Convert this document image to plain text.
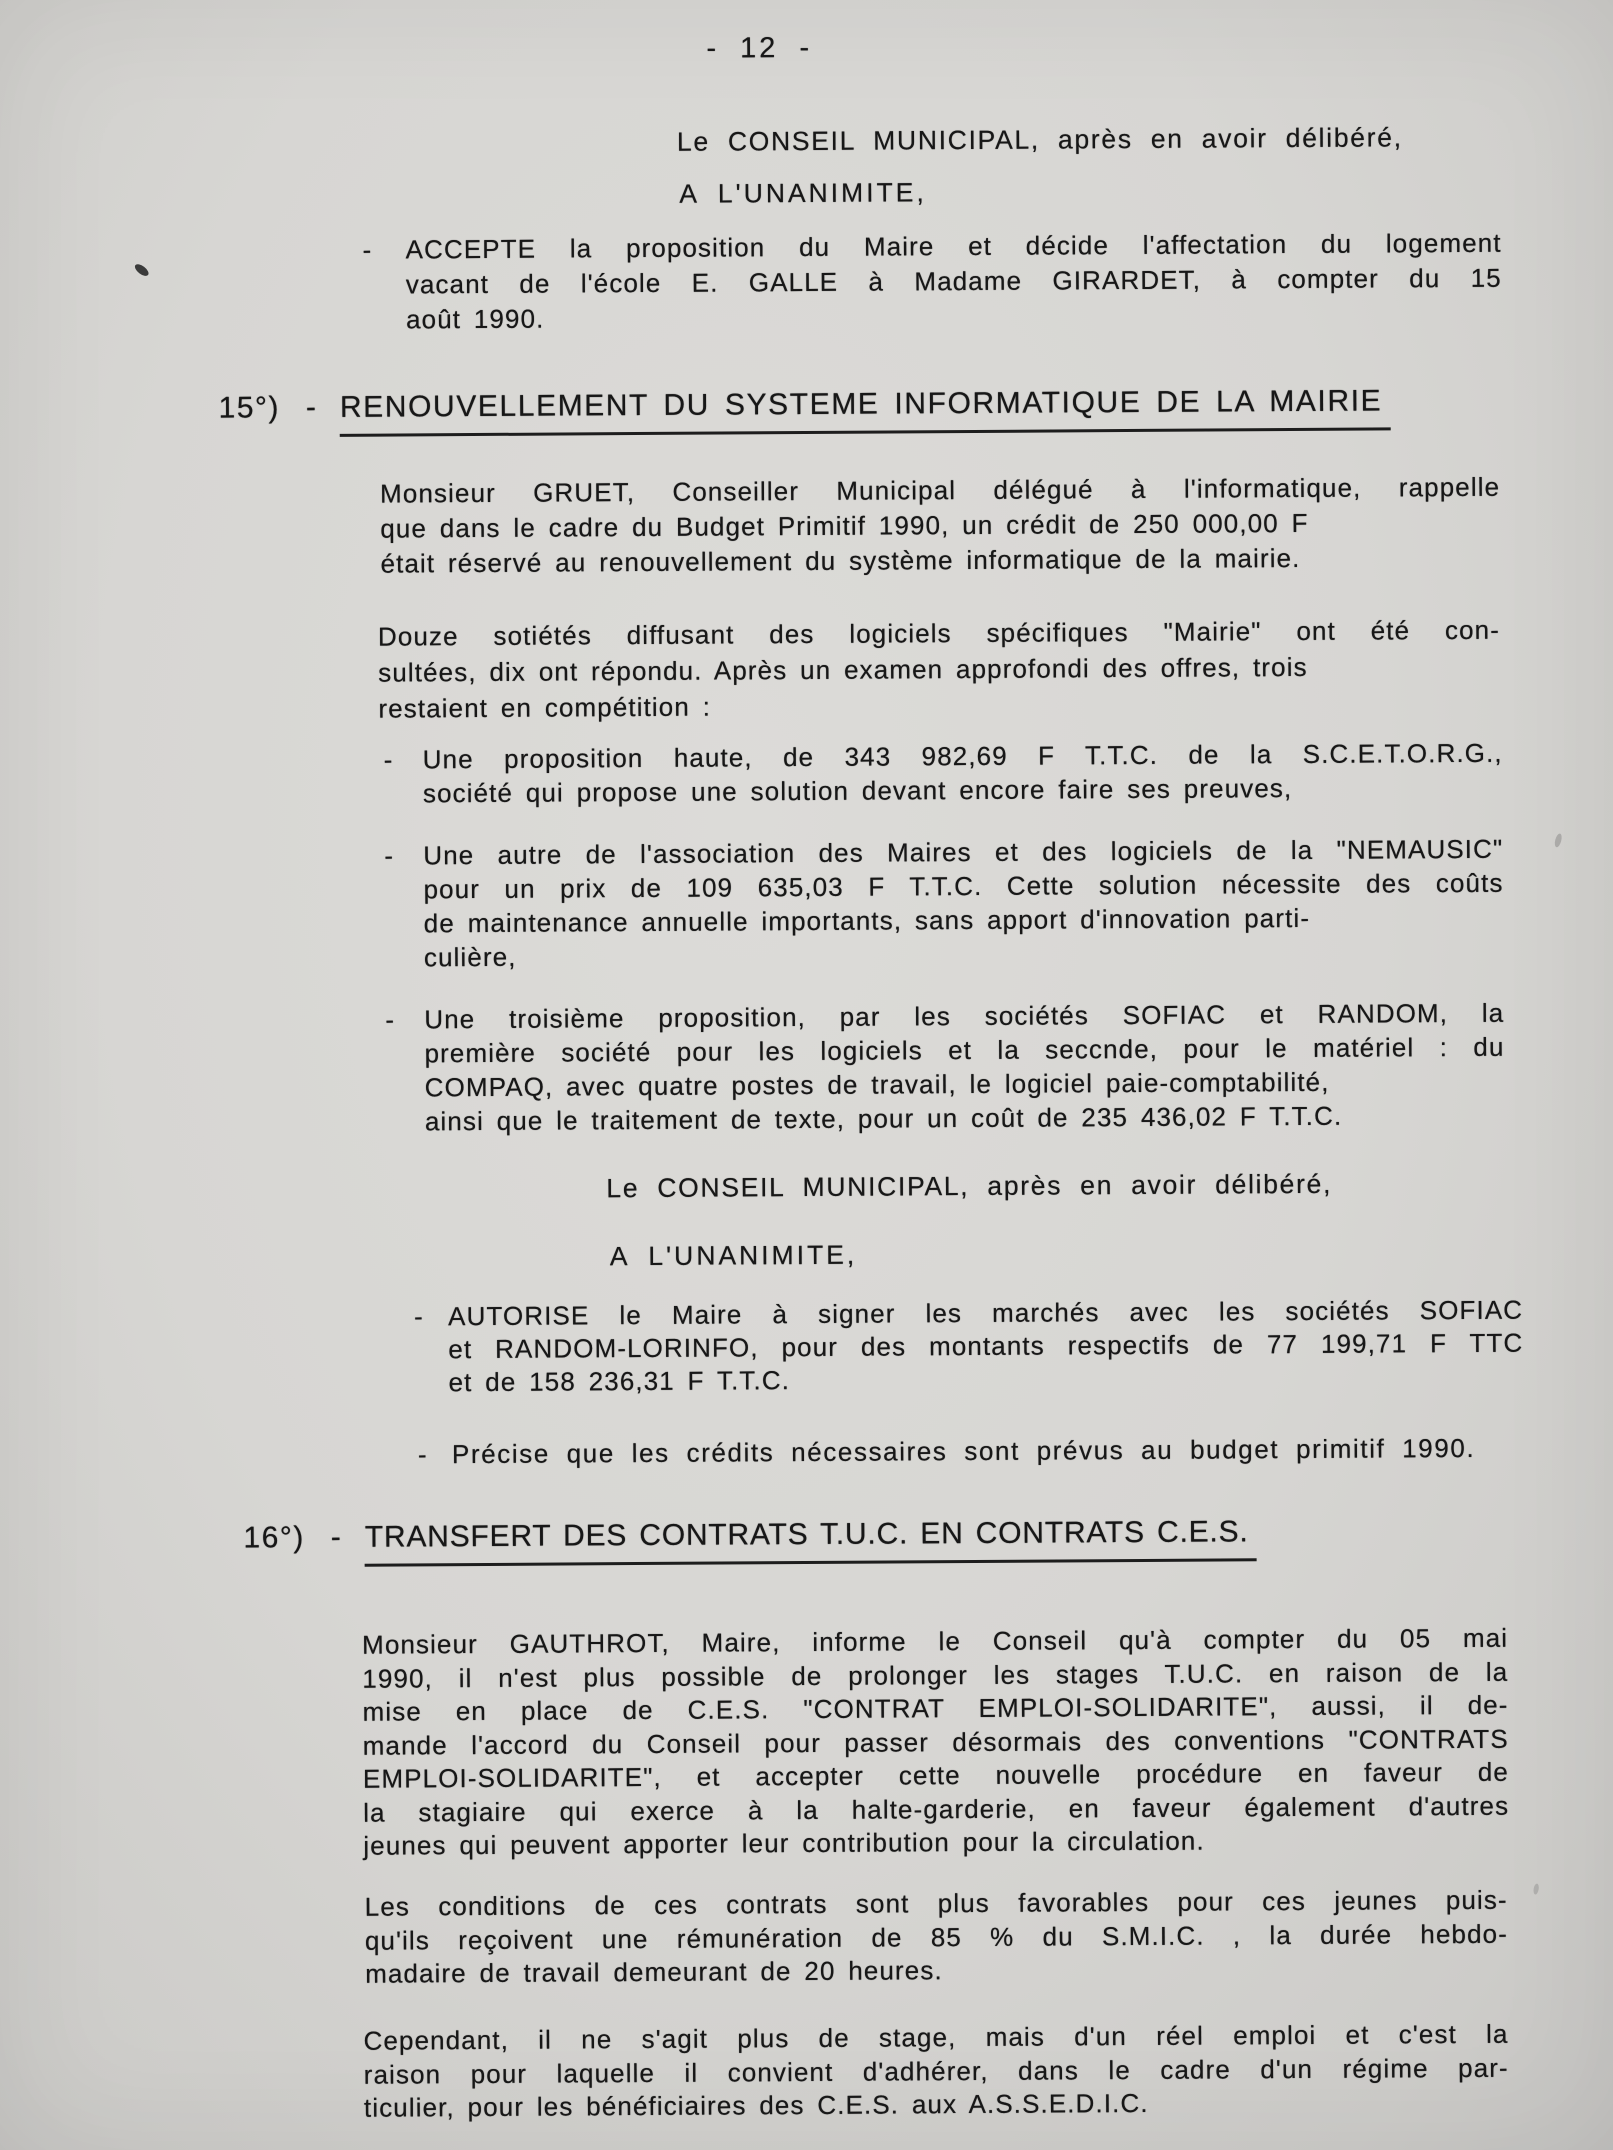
- 12 -
Le CONSEIL MUNICIPAL, après en avoir délibéré,
A L'UNANIMITE,
- ACCEPTE la proposition du Maire et décide l'affectation du logement
vacant de l'école E. GALLE à Madame GIRARDET, à compter du 15
août 1990.
15°) - RENOUVELLEMENT DU SYSTEME INFORMATIQUE DE LA MAIRIE
Monsieur GRUET, Conseiller Municipal délégué à l'informatique, rappelle
que dans le cadre du Budget Primitif 1990, un crédit de 250 000,00 F
était réservé au renouvellement du système informatique de la mairie.
Douze sotiétés diffusant des logiciels spécifiques "Mairie" ont été con-
sultées, dix ont répondu. Après un examen approfondi des offres, trois
restaient en compétition :
- Une proposition haute, de 343 982,69 F T.T.C. de la S.C.E.T.O.R.G.,
société qui propose une solution devant encore faire ses preuves,
- Une autre de l'association des Maires et des logiciels de la "NEMAUSIC"
pour un prix de 109 635,03 F T.T.C. Cette solution nécessite des coûts
de maintenance annuelle importants, sans apport d'innovation parti-
culière,
- Une troisième proposition, par les sociétés SOFIAC et RANDOM, la
première société pour les logiciels et la seccnde, pour le matériel : du
COMPAQ, avec quatre postes de travail, le logiciel paie-comptabilité,
ainsi que le traitement de texte, pour un coût de 235 436,02 F T.T.C.
Le CONSEIL MUNICIPAL, après en avoir délibéré,
A L'UNANIMITE,
- AUTORISE le Maire à signer les marchés avec les sociétés SOFIAC
et RANDOM-LORINFO, pour des montants respectifs de 77 199,71 F TTC
et de 158 236,31 F T.T.C.
- Précise que les crédits nécessaires sont prévus au budget primitif 1990.
16°) - TRANSFERT DES CONTRATS T.U.C. EN CONTRATS C.E.S.
Monsieur GAUTHROT, Maire, informe le Conseil qu'à compter du 05 mai
1990, il n'est plus possible de prolonger les stages T.U.C. en raison de la
mise en place de C.E.S. "CONTRAT EMPLOI-SOLIDARITE", aussi, il de-
mande l'accord du Conseil pour passer désormais des conventions "CONTRATS
EMPLOI-SOLIDARITE", et accepter cette nouvelle procédure en faveur de
la stagiaire qui exerce à la halte-garderie, en faveur également d'autres
jeunes qui peuvent apporter leur contribution pour la circulation.
Les conditions de ces contrats sont plus favorables pour ces jeunes puis-
qu'ils reçoivent une rémunération de 85 % du S.M.I.C. , la durée hebdo-
madaire de travail demeurant de 20 heures.
Cependant, il ne s'agit plus de stage, mais d'un réel emploi et c'est la
raison pour laquelle il convient d'adhérer, dans le cadre d'un régime par-
ticulier, pour les bénéficiaires des C.E.S. aux A.S.S.E.D.I.C.
